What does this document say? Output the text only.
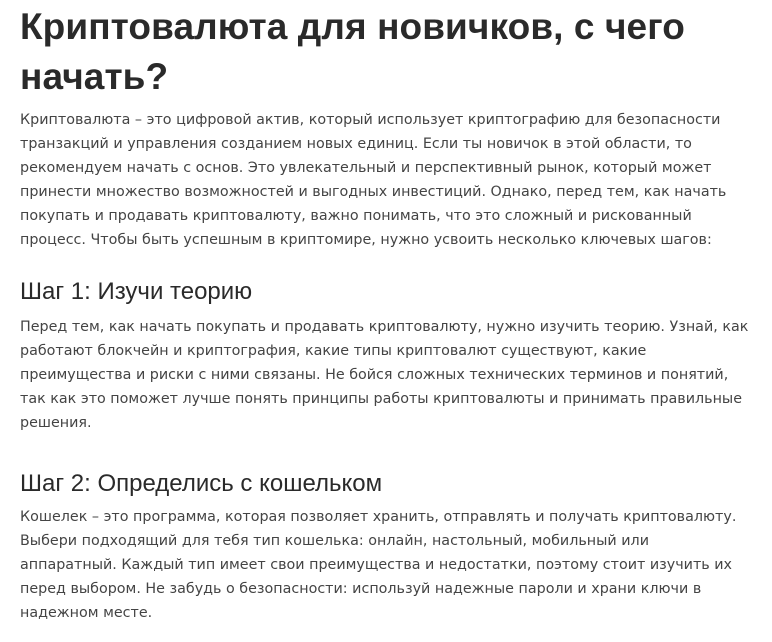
Криптовалюта для новичков, с чего начать?

Криптовалюта – это цифровой актив, который использует криптографию для безопасности транзакций и управления созданием новых единиц. Если ты новичок в этой области, то рекомендуем начать с основ. Это увлекательный и перспективный рынок, который может принести множество возможностей и выгодных инвестиций. Однако, перед тем, как начать покупать и продавать криптовалюту, важно понимать, что это сложный и рискованный процесс. Чтобы быть успешным в криптомире, нужно усвоить несколько ключевых шагов:

Шаг 1: Изучи теорию

Перед тем, как начать покупать и продавать криптовалюту, нужно изучить теорию. Узнай, как работают блокчейн и криптография, какие типы криптовалют существуют, какие преимущества и риски с ними связаны. Не бойся сложных технических терминов и понятий, так как это поможет лучше понять принципы работы криптовалюты и принимать правильные решения.

Шаг 2: Определись с кошельком

Кошелек – это программа, которая позволяет хранить, отправлять и получать криптовалюту. Выбери подходящий для тебя тип кошелька: онлайн, настольный, мобильный или аппаратный. Каждый тип имеет свои преимущества и недостатки, поэтому стоит изучить их перед выбором. Не забудь о безопасности: используй надежные пароли и храни ключи в надежном месте.
